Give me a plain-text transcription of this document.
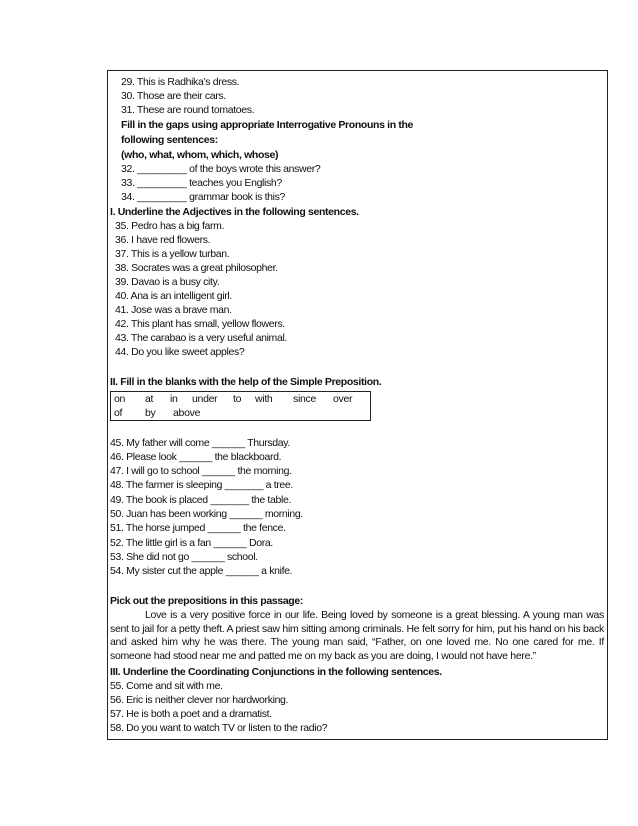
29. This is Radhika’s dress.
30. Those are their cars.
31. These are round tomatoes.
Fill in the gaps using appropriate Interrogative Pronouns in the
following sentences:
(who, what, whom, which, whose)
32. _________ of the boys wrote this answer?
33. _________ teaches you English?
34. _________ grammar book is this?
I. Underline the Adjectives in the following sentences.
35. Pedro has a big farm.
36. I have red flowers.
37. This is a yellow turban.
38. Socrates was a great philosopher.
39. Davao is a busy city.
40. Ana is an intelligent girl.
41. Jose was a brave man.
42. This plant has small, yellow flowers.
43. The carabao is a very useful animal.
44. Do you like sweet apples?
II. Fill in the blanks with the help of the Simple Preposition.
on at in under to with since over
of by above
45. My father will come ______ Thursday.
46. Please look ______ the blackboard.
47. I will go to school ______ the morning.
48. The farmer is sleeping _______ a tree.
49. The book is placed _______ the table.
50. Juan has been working ______ morning.
51. The horse jumped ______ the fence.
52. The little girl is a fan ______ Dora.
53. She did not go ______ school.
54. My sister cut the apple ______ a knife.
Pick out the prepositions in this passage:
Love is a very positive force in our life. Being loved by someone is a great blessing. A young man was sent to jail for a petty theft. A priest saw him sitting among criminals. He felt sorry for him, put his hand on his back and asked him why he was there. The young man said, “Father, on one loved me. No one cared for me. If someone had stood near me and patted me on my back as you are doing, I would not have here.”
III. Underline the Coordinating Conjunctions in the following sentences.
55. Come and sit with me.
56. Eric is neither clever nor hardworking.
57. He is both a poet and a dramatist.
58. Do you want to watch TV or listen to the radio?
